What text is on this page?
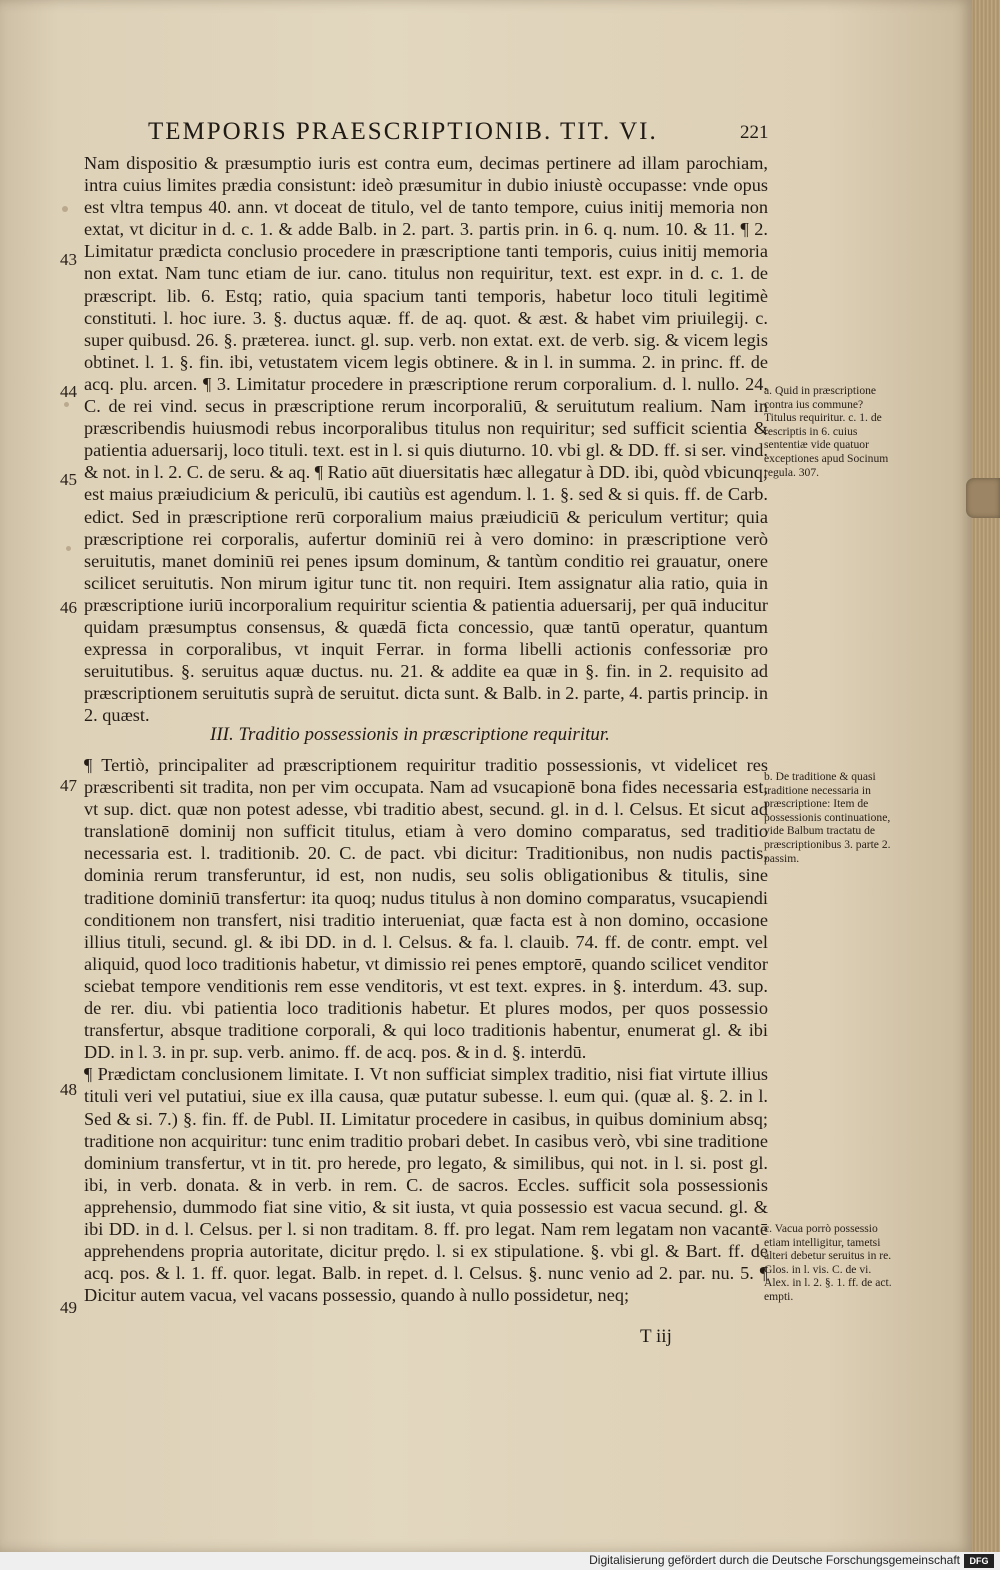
TEMPORIS PRAESCRIPTIONIB. TIT. VI.	221

Nam dispositio & præsumptio iuris est contra eum, decimas pertinere ad illam parochiam, intra cuius limites prædia consistunt: ideò præsumitur in dubio iniustè occupasse: vnde opus est vltra tempus 40. ann. vt doceat de titulo, vel de tanto tempore, cuius initij memoria non extat, vt dicitur in d. c. 1. & adde Balb. in 2. part. 3. partis prin. in 6. q. num. 10. & 11. ¶ 2. Limitatur prædicta conclusio procedere in præscriptione tanti temporis, cuius initij memoria non extat. Nam tunc etiam de iur. cano. titulus non requiritur, text. est expr. in d. c. 1. de præscript. lib. 6. Estq; ratio, quia spacium tanti temporis, habetur loco tituli legitimè constituti. l. hoc iure. 3. §. ductus aquæ. ff. de aq. quot. & æst. & habet vim priuilegij. c. super quibusd. 26. §. præterea. iunct. gl. sup. verb. non extat. ext. de verb. sig. & vicem legis obtinet. l. 1. §. fin. ibi, vetustatem vicem legis obtinere. & in l. in summa. 2. in princ. ff. de acq. plu. arcen. ¶ 3. Limitatur procedere in præscriptione rerum corporalium. d. l. nullo. 24. C. de rei vind. secus in præscriptione rerum incorporaliū, & seruitutum realium. Nam in præscribendis huiusmodi rebus incorporalibus titulus non requiritur; sed sufficit scientia & patientia aduersarij, loco tituli. text. est in l. si quis diuturno. 10. vbi gl. & DD. ff. si ser. vind. & not. in l. 2. C. de seru. & aq. ¶ Ratio aūt diuersitatis hæc allegatur à DD. ibi, quòd vbicunq; est maius præiudicium & periculū, ibi cautiùs est agendum. l. 1. §. sed & si quis. ff. de Carb. edict. Sed in præscriptione rerū corporalium maius præiudiciū & periculum vertitur; quia præscriptione rei corporalis, aufertur dominiū rei à vero domino: in præscriptione verò seruitutis, manet dominiū rei penes ipsum dominum, & tantùm conditio rei grauatur, onere scilicet seruitutis. Non mirum igitur tunc tit. non requiri. Item assignatur alia ratio, quia in præscriptione iuriū incorporalium requiritur scientia & patientia aduersarij, per quā inducitur quidam præsumptus consensus, & quædā ficta concessio, quæ tantū operatur, quantum expressa in corporalibus, vt inquit Ferrar. in forma libelli actionis confessoriæ pro seruitutibus. §. seruitus aquæ ductus. nu. 21. & addite ea quæ in §. fin. in 2. requisito ad præscriptionem seruitutis suprà de seruitut. dicta sunt. & Balb. in 2. parte, 4. partis princip. in 2. quæst.

III. Traditio possessionis in præscriptione requiritur.

¶ Tertiò, principaliter ad præscriptionem requiritur traditio possessionis, vt videlicet res præscribenti sit tradita, non per vim occupata. Nam ad vsucapionē bona fides necessaria est, vt sup. dict. quæ non potest adesse, vbi traditio abest, secund. gl. in d. l. Celsus. Et sicut ad translationē dominij non sufficit titulus, etiam à vero domino comparatus, sed traditio necessaria est. l. traditionib. 20. C. de pact. vbi dicitur: Traditionibus, non nudis pactis, dominia rerum transferuntur, id est, non nudis, seu solis obligationibus & titulis, sine traditione dominiū transfertur: ita quoq; nudus titulus à non domino comparatus, vsucapiendi conditionem non transfert, nisi traditio interueniat, quæ facta est à non domino, occasione illius tituli, secund. gl. & ibi DD. in d. l. Celsus. & fa. l. clauib. 74. ff. de contr. empt. vel aliquid, quod loco traditionis habetur, vt dimissio rei penes emptorē, quando scilicet venditor sciebat tempore venditionis rem esse venditoris, vt est text. expres. in §. interdum. 43. sup. de rer. diu. vbi patientia loco traditionis habetur. Et plures modos, per quos possessio transfertur, absque traditione corporali, & qui loco traditionis habentur, enumerat gl. & ibi DD. in l. 3. in pr. sup. verb. animo. ff. de acq. pos. & in d. §. interdū.

¶ Prædictam conclusionem limitate. I. Vt non sufficiat simplex traditio, nisi fiat virtute illius tituli veri vel putatiui, siue ex illa causa, quæ putatur subesse. l. eum qui. (quæ al. §. 2. in l. Sed & si. 7.) §. fin. ff. de Publ. II. Limitatur procedere in casibus, in quibus dominium absq; traditione non acquiritur: tunc enim traditio probari debet. In casibus verò, vbi sine traditione dominium transfertur, vt in tit. pro herede, pro legato, & similibus, qui not. in l. si. post gl. ibi, in verb. donata. & in verb. in rem. C. de sacros. Eccles. sufficit sola possessionis apprehensio, dummodo fiat sine vitio, & sit iusta, vt quia possessio est vacua secund. gl. & ibi DD. in d. l. Celsus. per l. si non traditam. 8. ff. pro legat. Nam rem legatam non vacantē apprehendens propria autoritate, dicitur prędo. l. si ex stipulatione. §. vbi gl. & Bart. ff. de acq. pos. & l. 1. ff. quor. legat. Balb. in repet. d. l. Celsus. §. nunc venio ad 2. par. nu. 5. ¶ Dicitur autem vacua, vel vacans possessio, quando à nullo possidetur, neq;

43
44
45
46
47
48
49
a. Quid in præscriptione contra ius commune? Titulus requiritur. c. 1. de rescriptis in 6. cuius sententiæ vide quatuor exceptiones apud Socinum regula. 307.
b. De traditione & quasi traditione necessaria in præscriptione: Item de possessionis continuatione, vide Balbum tractatu de præscriptionibus 3. parte 2. passim.
c. Vacua porrò possessio etiam intelligitur, tametsi alteri debetur seruitus in re. Glos. in l. vis. C. de vi. Alex. in l. 2. §. 1. ff. de act. empti.
T iij
Digitalisierung gefördert durch die Deutsche Forschungsgemeinschaft	DFG
